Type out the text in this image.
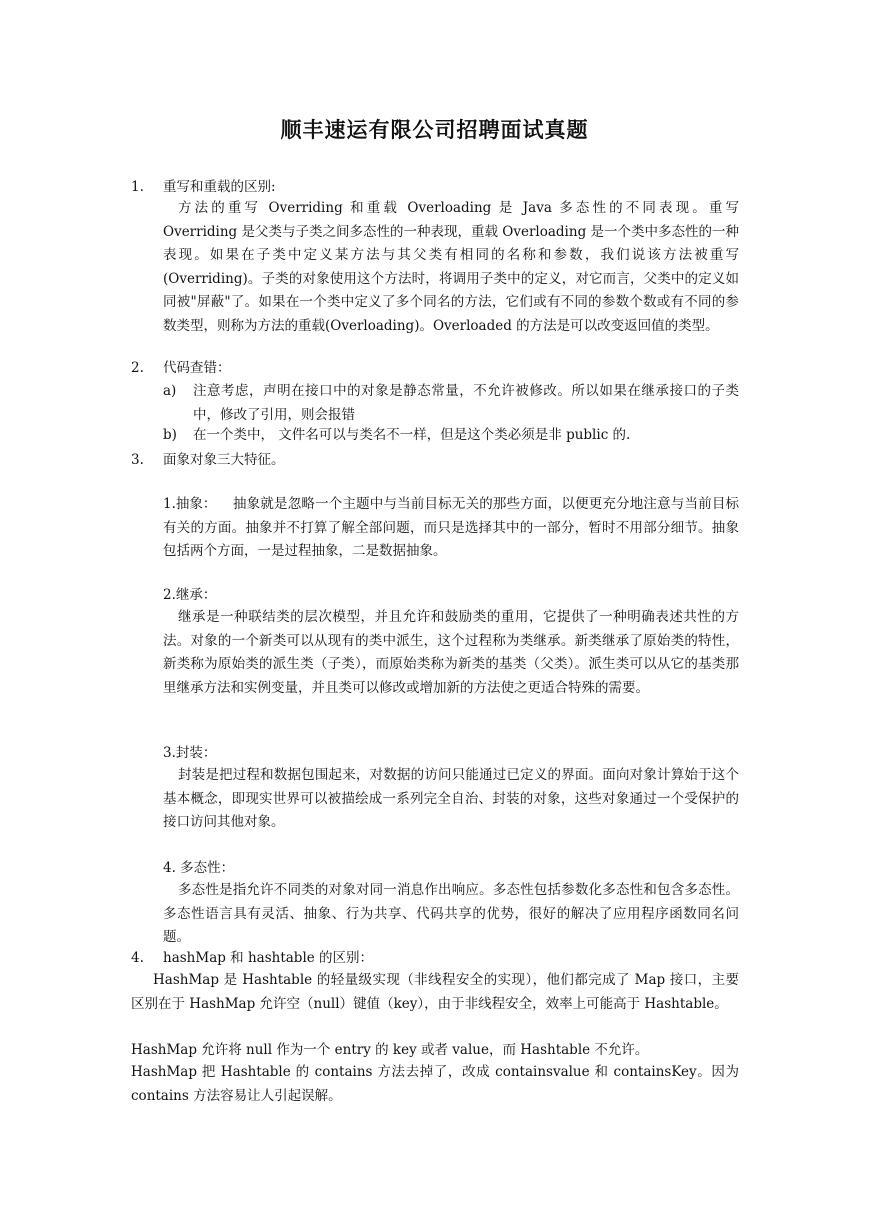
顺丰速运有限公司招聘面试真题
1. 重写和重载的区别:
方法的重写 Overriding 和重载 Overloading 是 Java 多态性的不同表现。重写 Overriding 是父类与子类之间多态性的一种表现，重载 Overloading 是一个类中多态性的一种表现。如果在子类中定义某方法与其父类有相同的名称和参数，我们说该方法被重写 (Overriding)。子类的对象使用这个方法时，将调用子类中的定义，对它而言，父类中的定义如同被"屏蔽"了。如果在一个类中定义了多个同名的方法，它们或有不同的参数个数或有不同的参数类型，则称为方法的重载(Overloading)。Overloaded 的方法是可以改变返回值的类型。
2. 代码查错：
a) 注意考虑，声明在接口中的对象是静态常量，不允许被修改。所以如果在继承接口的子类中，修改了引用，则会报错
b) 在一个类中， 文件名可以与类名不一样，但是这个类必须是非 public 的.
3. 面象对象三大特征。
1.抽象：	抽象就是忽略一个主题中与当前目标无关的那些方面，以便更充分地注意与当前目标有关的方面。抽象并不打算了解全部问题，而只是选择其中的一部分，暂时不用部分细节。抽象包括两个方面，一是过程抽象，二是数据抽象。
2.继承：
继承是一种联结类的层次模型，并且允许和鼓励类的重用，它提供了一种明确表述共性的方法。对象的一个新类可以从现有的类中派生，这个过程称为类继承。新类继承了原始类的特性，新类称为原始类的派生类（子类），而原始类称为新类的基类（父类）。派生类可以从它的基类那里继承方法和实例变量，并且类可以修改或增加新的方法使之更适合特殊的需要。
3.封装：
封装是把过程和数据包围起来，对数据的访问只能通过已定义的界面。面向对象计算始于这个基本概念，即现实世界可以被描绘成一系列完全自治、封装的对象，这些对象通过一个受保护的接口访问其他对象。
4. 多态性：
多态性是指允许不同类的对象对同一消息作出响应。多态性包括参数化多态性和包含多态性。多态性语言具有灵活、抽象、行为共享、代码共享的优势，很好的解决了应用程序函数同名问题。
4. hashMap 和 hashtable 的区别：
HashMap 是 Hashtable 的轻量级实现（非线程安全的实现），他们都完成了 Map 接口，主要区别在于 HashMap 允许空（null）键值（key），由于非线程安全，效率上可能高于 Hashtable。
HashMap 允许将 null 作为一个 entry 的 key 或者 value，而 Hashtable 不允许。
HashMap 把 Hashtable 的 contains 方法去掉了，改成 containsvalue 和 containsKey。因为 contains 方法容易让人引起误解。
